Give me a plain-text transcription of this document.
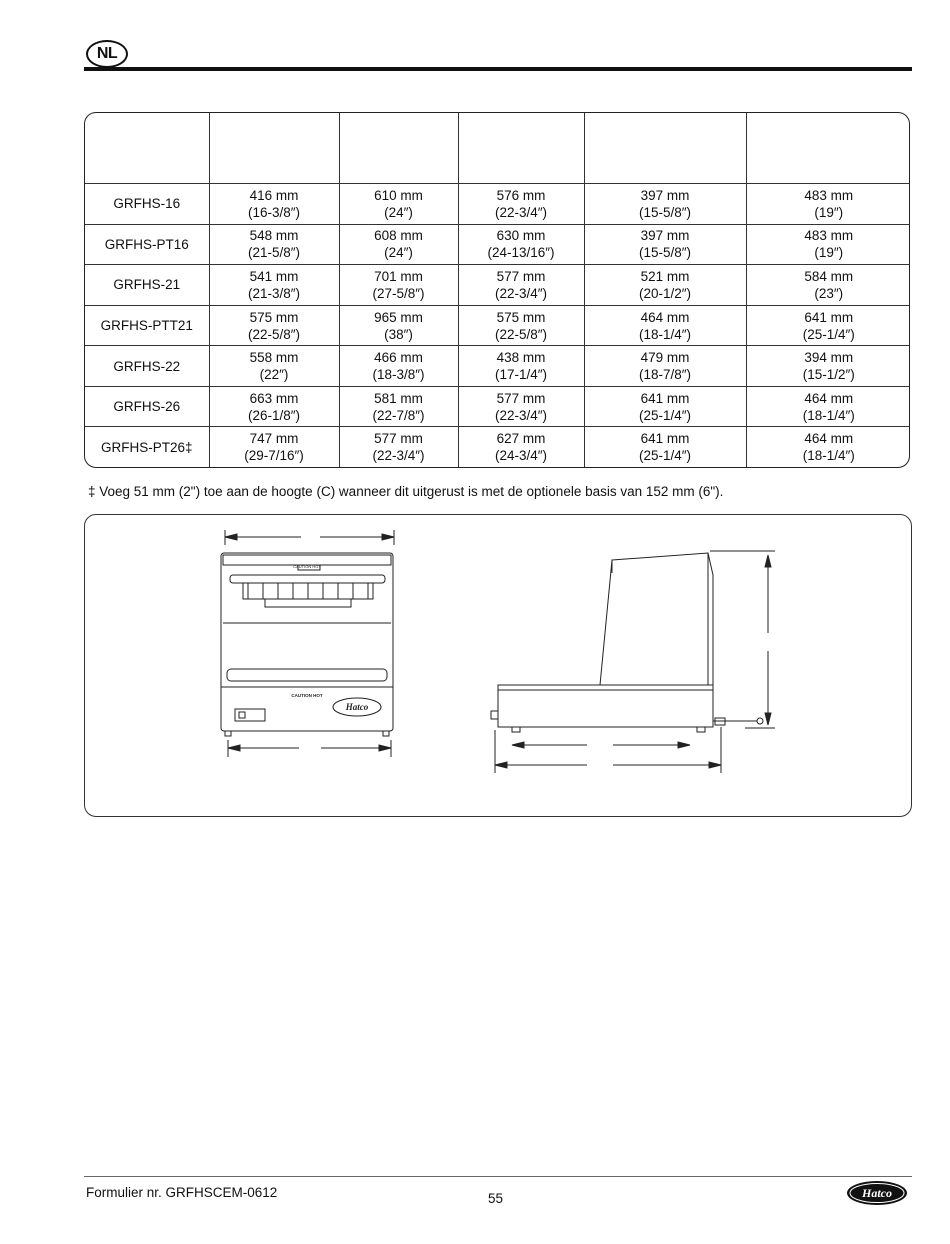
NL

GRFHS-16	416 mm
(16-3/8″)	610 mm
(24″)	576 mm
(22-3/4″)	397 mm
(15-5/8″)	483 mm
(19″)

GRFHS-PT16	548 mm
(21-5/8″)	608 mm
(24″)	630 mm
(24-13/16″)	397 mm
(15-5/8″)	483 mm
(19″)

GRFHS-21	541 mm
(21-3/8″)	701 mm
(27-5/8″)	577 mm
(22-3/4″)	521 mm
(20-1/2″)	584 mm
(23″)

GRFHS-PTT21	575 mm
(22-5/8″)	965 mm
(38″)	575 mm
(22-5/8″)	464 mm
(18-1/4″)	641 mm
(25-1/4″)

GRFHS-22	558 mm
(22″)	466 mm
(18-3/8″)	438 mm
(17-1/4″)	479 mm
(18-7/8″)	394 mm
(15-1/2″)

GRFHS-26	663 mm
(26-1/8″)	581 mm
(22-7/8″)	577 mm
(22-3/4″)	641 mm
(25-1/4″)	464 mm
(18-1/4″)

GRFHS-PT26‡	747 mm
(29-7/16″)	577 mm
(22-3/4″)	627 mm
(24-3/4″)	641 mm
(25-1/4″)	464 mm
(18-1/4″)
‡ Voeg 51 mm (2") toe aan de hoogte (C) wanneer dit uitgerust is met de optionele basis van 152 mm (6").
CAUTION HOT
CAUTION HOT
Hatco
Formulier nr. GRFHSCEM-0612	55	Hatco
